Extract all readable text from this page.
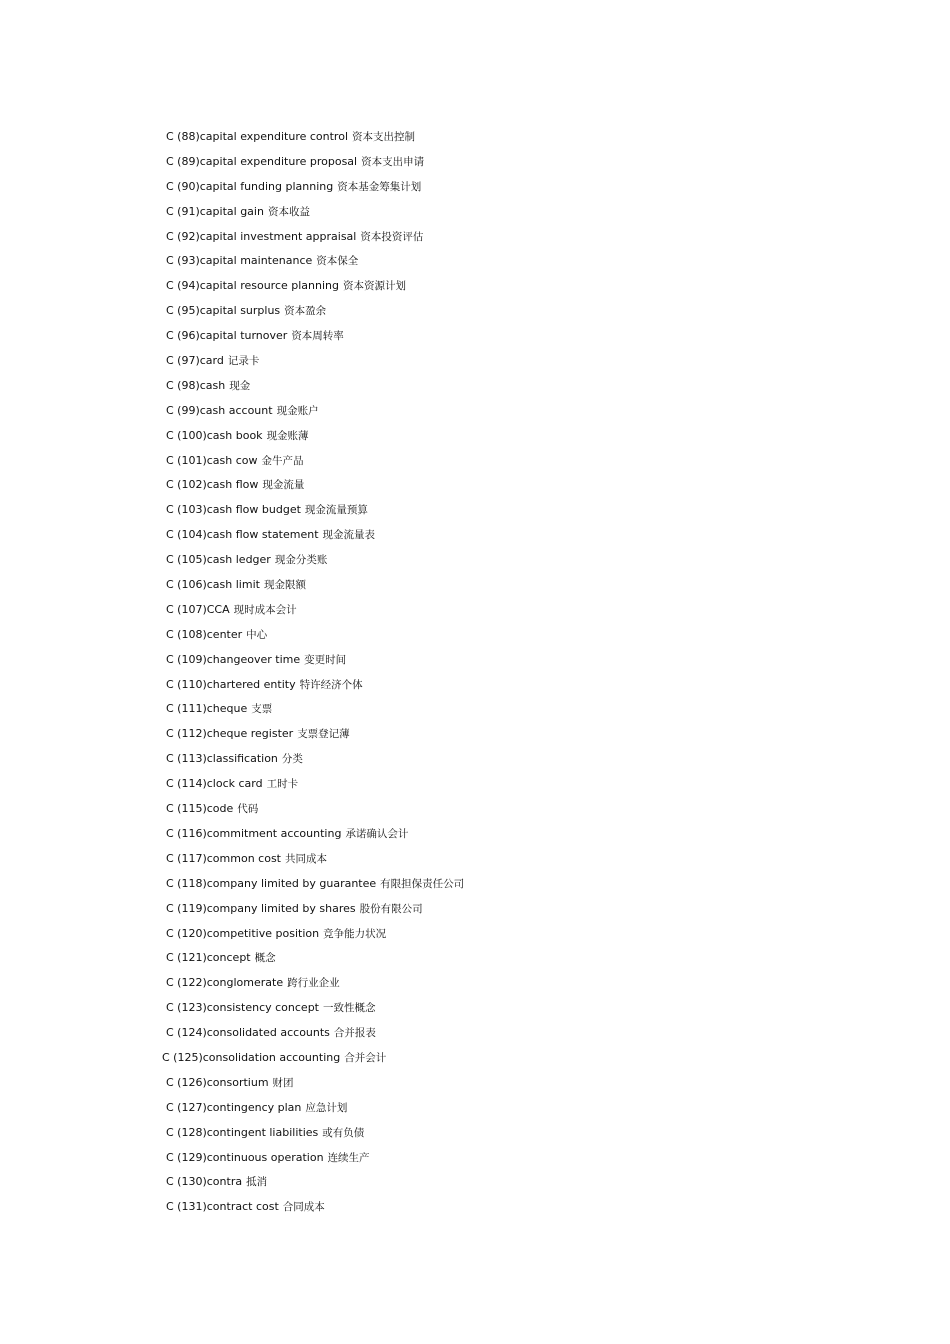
C (88)capital expenditure control 资本支出控制
C (89)capital expenditure proposal 资本支出申请
C (90)capital funding planning 资本基金筹集计划
C (91)capital gain 资本收益
C (92)capital investment appraisal 资本投资评估
C (93)capital maintenance 资本保全
C (94)capital resource planning 资本资源计划
C (95)capital surplus 资本盈余
C (96)capital turnover 资本周转率
C (97)card 记录卡
C (98)cash 现金
C (99)cash account 现金账户
C (100)cash book 现金账薄
C (101)cash cow 金牛产品
C (102)cash flow 现金流量
C (103)cash flow budget 现金流量预算
C (104)cash flow statement 现金流量表
C (105)cash ledger 现金分类账
C (106)cash limit 现金限额
C (107)CCA 现时成本会计
C (108)center 中心
C (109)changeover time 变更时间
C (110)chartered entity 特许经济个体
C (111)cheque 支票
C (112)cheque register 支票登记薄
C (113)classification 分类
C (114)clock card 工时卡
C (115)code 代码
C (116)commitment accounting 承诺确认会计
C (117)common cost 共同成本
C (118)company limited by guarantee 有限担保责任公司
C (119)company limited by shares 股份有限公司
C (120)competitive position 竞争能力状况
C (121)concept 概念
C (122)conglomerate 跨行业企业
C (123)consistency concept 一致性概念
C (124)consolidated accounts 合并报表
C (125)consolidation accounting 合并会计
C (126)consortium 财团
C (127)contingency plan 应急计划
C (128)contingent liabilities 或有负债
C (129)continuous operation 连续生产
C (130)contra 抵消
C (131)contract cost 合同成本
